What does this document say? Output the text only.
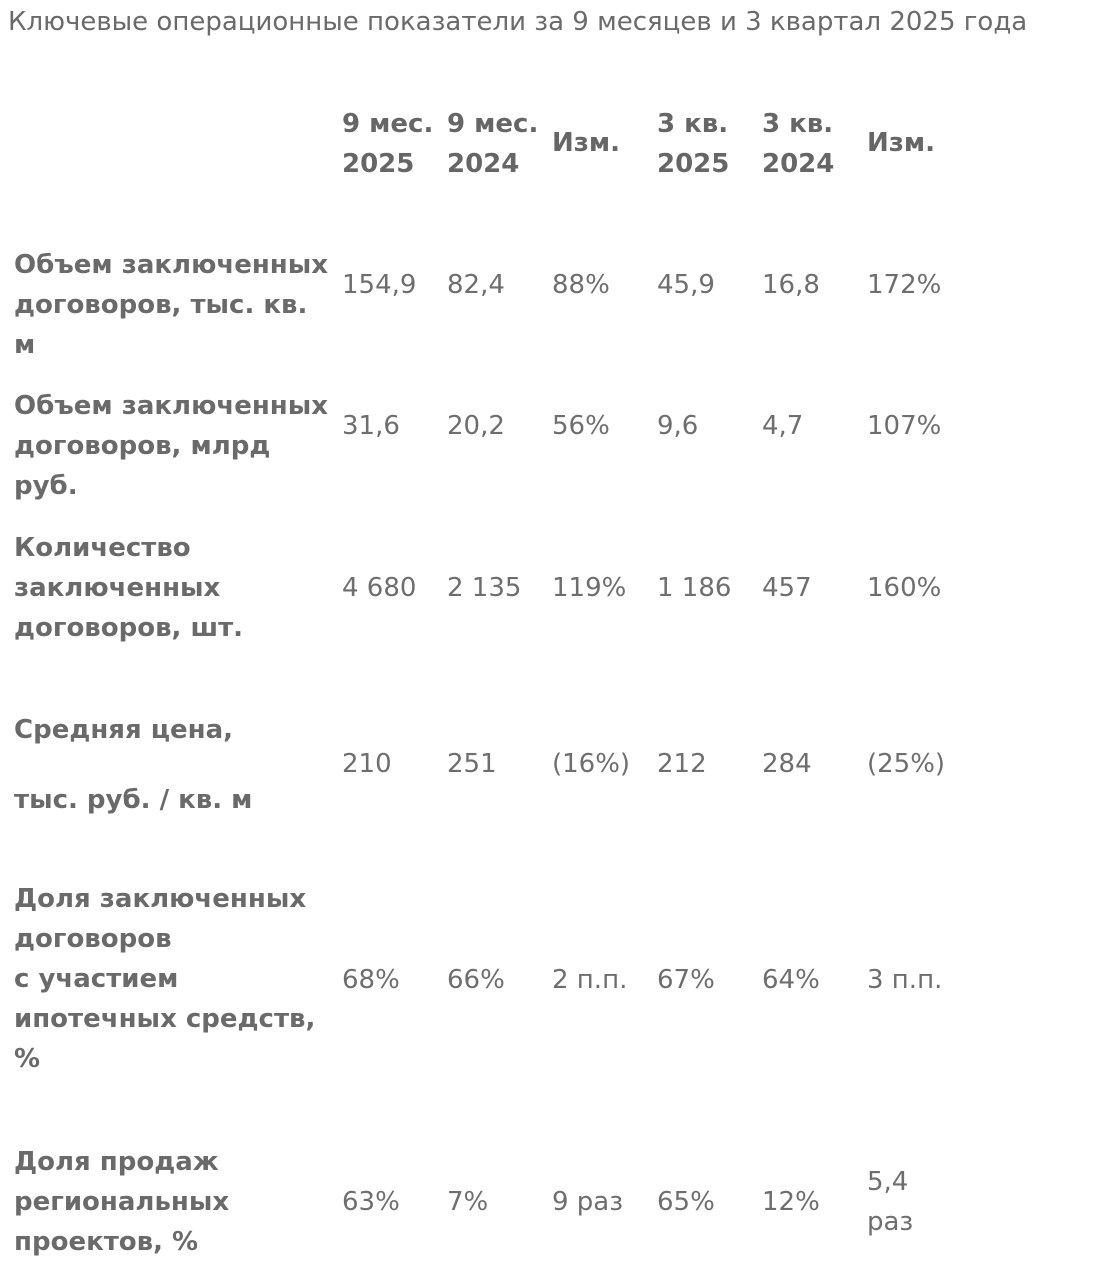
Ключевые операционные показатели за 9 месяцев и 3 квартал 2025 года
9 мес.
2025
9 мес.
2024
Изм.
3 кв.
2025
3 кв.
2024
Изм.
Объем заключенных
договоров, тыс. кв. м
154,9 82,4 88% 45,9 16,8 172%
Объем заключенных
договоров, млрд руб.
31,6 20,2 56% 9,6 4,7 107%
Количество
заключенных
договоров, шт.
4 680 2 135 119% 1 186 457 160%
Средняя цена,
тыс. руб. / кв. м
210 251 (16%) 212 284 (25%)
Доля заключенных
договоров
с участием
ипотечных средств,
%
68% 66% 2 п.п. 67% 64% 3 п.п.
Доля продаж
региональных
проектов, %
63% 7% 9 раз 65% 12%
5,4
раз
